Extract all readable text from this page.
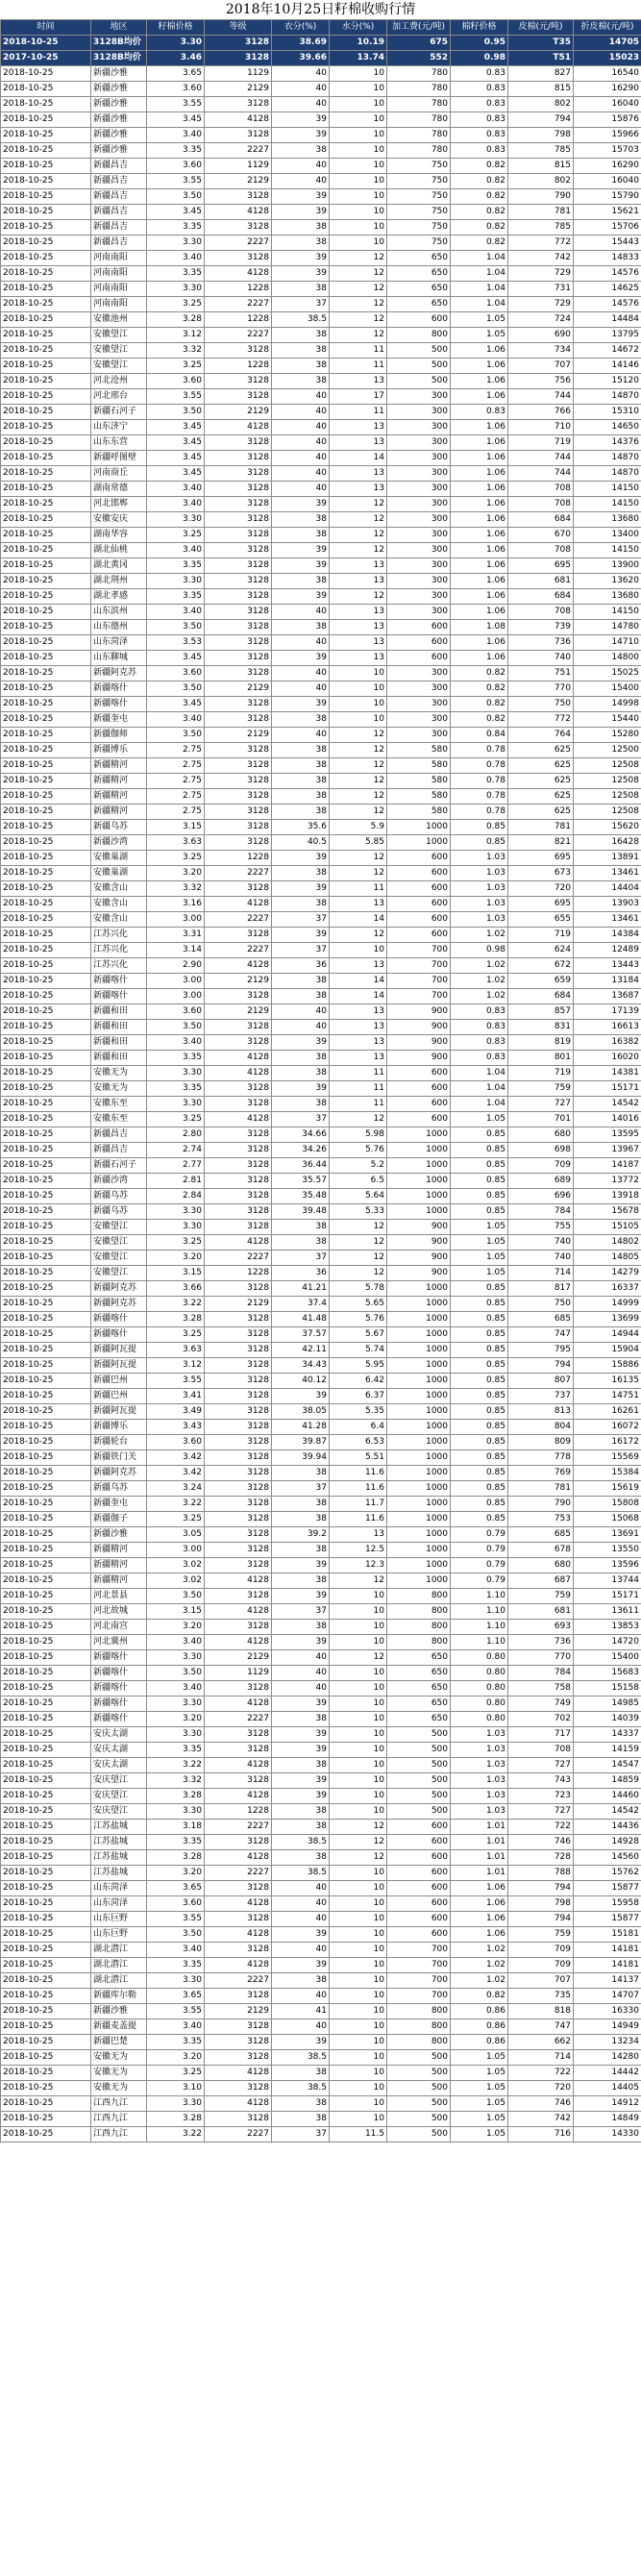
2018年10月25日籽棉收购行情
时间	地区	籽棉价格	等级	衣分(%)	水分(%)	加工费(元/吨)	棉籽价格	皮棉(元/吨)	折皮棉(元/吨)
2018-10-25	3128B均价	3.30	3128	38.69	10.19	675	0.95	T35	14705
2017-10-25	3128B均价	3.46	3128	39.66	13.74	552	0.98	T51	15023
2018-10-25	新疆沙雅	3.65	1129	40	10	780	0.83	827	16540
2018-10-25	新疆沙雅	3.60	2129	40	10	780	0.83	815	16290
2018-10-25	新疆沙雅	3.55	3128	40	10	780	0.83	802	16040
2018-10-25	新疆沙雅	3.45	4128	39	10	780	0.83	794	15876
2018-10-25	新疆沙雅	3.40	3128	39	10	780	0.83	798	15966
2018-10-25	新疆沙雅	3.35	2227	38	10	780	0.83	785	15703
2018-10-25	新疆昌吉	3.60	1129	40	10	750	0.82	815	16290
2018-10-25	新疆昌吉	3.55	2129	40	10	750	0.82	802	16040
2018-10-25	新疆昌吉	3.50	3128	39	10	750	0.82	790	15790
2018-10-25	新疆昌吉	3.45	4128	39	10	750	0.82	781	15621
2018-10-25	新疆昌吉	3.35	3128	38	10	750	0.82	785	15706
2018-10-25	新疆昌吉	3.30	2227	38	10	750	0.82	772	15443
2018-10-25	河南南阳	3.40	3128	39	12	650	1.04	742	14833
2018-10-25	河南南阳	3.35	4128	39	12	650	1.04	729	14576
2018-10-25	河南南阳	3.30	1228	38	12	650	1.04	731	14625
2018-10-25	河南南阳	3.25	2227	37	12	650	1.04	729	14576
2018-10-25	安徽池州	3.28	1228	38.5	12	600	1.05	724	14484
2018-10-25	安徽望江	3.12	2227	38	12	800	1.05	690	13795
2018-10-25	安徽望江	3.32	3128	38	11	500	1.06	734	14672
2018-10-25	安徽望江	3.25	1228	38	11	500	1.06	707	14146
2018-10-25	河北沧州	3.60	3128	38	13	500	1.06	756	15120
2018-10-25	河北邢台	3.55	3128	40	17	300	1.06	744	14870
2018-10-25	新疆石河子	3.50	2129	40	11	300	0.83	766	15310
2018-10-25	山东济宁	3.45	4128	40	13	300	1.06	710	14650
2018-10-25	山东东营	3.45	3128	40	13	300	1.06	719	14376
2018-10-25	新疆呼图壁	3.45	3128	40	14	300	1.06	744	14870
2018-10-25	河南商丘	3.45	3128	40	13	300	1.06	744	14870
2018-10-25	湖南常德	3.40	3128	40	13	300	1.06	708	14150
2018-10-25	河北邯郸	3.40	3128	39	12	300	1.06	708	14150
2018-10-25	安徽安庆	3.30	3128	38	12	300	1.06	684	13680
2018-10-25	湖南华容	3.25	3128	38	12	300	1.06	670	13400
2018-10-25	湖北仙桃	3.40	3128	39	12	300	1.06	708	14150
2018-10-25	湖北黄冈	3.35	3128	39	13	300	1.06	695	13900
2018-10-25	湖北荆州	3.30	3128	38	13	300	1.06	681	13620
2018-10-25	湖北孝感	3.35	3128	39	12	300	1.06	684	13680
2018-10-25	山东滨州	3.40	3128	40	13	300	1.06	708	14150
2018-10-25	山东德州	3.50	3128	38	13	600	1.08	739	14780
2018-10-25	山东菏泽	3.53	3128	40	13	600	1.06	736	14710
2018-10-25	山东聊城	3.45	3128	39	13	600	1.06	740	14800
2018-10-25	新疆阿克苏	3.60	3128	40	10	300	0.82	751	15025
2018-10-25	新疆喀什	3.50	2129	40	10	300	0.82	770	15400
2018-10-25	新疆喀什	3.45	3128	39	10	300	0.82	750	14998
2018-10-25	新疆奎屯	3.40	3128	38	10	300	0.82	772	15440
2018-10-25	新疆伽师	3.50	2129	40	12	300	0.84	764	15280
2018-10-25	新疆博乐	2.75	3128	38	12	580	0.78	625	12500
2018-10-25	新疆精河	2.75	3128	38	12	580	0.78	625	12508
2018-10-25	新疆精河	2.75	3128	38	12	580	0.78	625	12508
2018-10-25	新疆精河	2.75	3128	38	12	580	0.78	625	12508
2018-10-25	新疆精河	2.75	3128	38	12	580	0.78	625	12508
2018-10-25	新疆乌苏	3.15	3128	35.6	5.9	1000	0.85	781	15620
2018-10-25	新疆沙湾	3.63	3128	40.5	5.85	1000	0.85	821	16428
2018-10-25	安徽巢湖	3.25	1228	39	12	600	1.03	695	13891
2018-10-25	安徽巢湖	3.20	2227	38	12	600	1.03	673	13461
2018-10-25	安徽含山	3.32	3128	39	11	600	1.03	720	14404
2018-10-25	安徽含山	3.16	4128	38	13	600	1.03	695	13903
2018-10-25	安徽含山	3.00	2227	37	14	600	1.03	655	13461
2018-10-25	江苏兴化	3.31	3128	39	12	600	1.02	719	14384
2018-10-25	江苏兴化	3.14	2227	37	10	700	0.98	624	12489
2018-10-25	江苏兴化	2.90	4128	36	13	700	1.02	672	13443
2018-10-25	新疆喀什	3.00	2129	38	14	700	1.02	659	13184
2018-10-25	新疆喀什	3.00	3128	38	14	700	1.02	684	13687
2018-10-25	新疆和田	3.60	2129	40	13	900	0.83	857	17139
2018-10-25	新疆和田	3.50	3128	40	13	900	0.83	831	16613
2018-10-25	新疆和田	3.40	3128	39	13	900	0.83	819	16382
2018-10-25	新疆和田	3.35	4128	38	13	900	0.83	801	16020
2018-10-25	安徽无为	3.30	4128	38	11	600	1.04	719	14381
2018-10-25	安徽无为	3.35	3128	39	11	600	1.04	759	15171
2018-10-25	安徽东至	3.30	3128	38	11	600	1.04	727	14542
2018-10-25	安徽东至	3.25	4128	37	12	600	1.05	701	14016
2018-10-25	新疆昌吉	2.80	3128	34.66	5.98	1000	0.85	680	13595
2018-10-25	新疆昌吉	2.74	3128	34.26	5.76	1000	0.85	698	13967
2018-10-25	新疆石河子	2.77	3128	36.44	5.2	1000	0.85	709	14187
2018-10-25	新疆沙湾	2.81	3128	35.57	6.5	1000	0.85	689	13772
2018-10-25	新疆乌苏	2.84	3128	35.48	5.64	1000	0.85	696	13918
2018-10-25	新疆乌苏	3.30	3128	39.48	5.33	1000	0.85	784	15678
2018-10-25	安徽望江	3.30	3128	38	12	900	1.05	755	15105
2018-10-25	安徽望江	3.25	4128	38	12	900	1.05	740	14802
2018-10-25	安徽望江	3.20	2227	37	12	900	1.05	740	14805
2018-10-25	安徽望江	3.15	1228	36	12	900	1.05	714	14279
2018-10-25	新疆阿克苏	3.66	3128	41.21	5.78	1000	0.85	817	16337
2018-10-25	新疆阿克苏	3.22	2129	37.4	5.65	1000	0.85	750	14999
2018-10-25	新疆喀什	3.28	3128	41.48	5.76	1000	0.85	685	13699
2018-10-25	新疆喀什	3.25	3128	37.57	5.67	1000	0.85	747	14944
2018-10-25	新疆阿瓦提	3.63	3128	42.11	5.74	1000	0.85	795	15904
2018-10-25	新疆阿瓦提	3.12	3128	34.43	5.95	1000	0.85	794	15886
2018-10-25	新疆巴州	3.55	3128	40.12	6.42	1000	0.85	807	16135
2018-10-25	新疆巴州	3.41	3128	39	6.37	1000	0.85	737	14751
2018-10-25	新疆阿瓦提	3.49	3128	38.05	5.35	1000	0.85	813	16261
2018-10-25	新疆博乐	3.43	3128	41.28	6.4	1000	0.85	804	16072
2018-10-25	新疆轮台	3.60	3128	39.87	6.53	1000	0.85	809	16172
2018-10-25	新疆铁门关	3.42	3128	39.94	5.51	1000	0.85	778	15569
2018-10-25	新疆阿克苏	3.42	3128	38	11.6	1000	0.85	769	15384
2018-10-25	新疆乌苏	3.24	3128	37	11.6	1000	0.85	781	15619
2018-10-25	新疆奎屯	3.22	3128	38	11.7	1000	0.85	790	15808
2018-10-25	新疆伽子	3.25	3128	38	11.6	1000	0.85	753	15068
2018-10-25	新疆沙雅	3.05	3128	39.2	13	1000	0.79	685	13691
2018-10-25	新疆精河	3.00	3128	38	12.5	1000	0.79	678	13550
2018-10-25	新疆精河	3.02	3128	39	12.3	1000	0.79	680	13596
2018-10-25	新疆精河	3.02	4128	38	12	1000	0.79	687	13744
2018-10-25	河北景县	3.50	3128	39	10	800	1.10	759	15171
2018-10-25	河北故城	3.15	4128	37	10	800	1.10	681	13611
2018-10-25	河北南宫	3.20	3128	38	10	800	1.10	693	13853
2018-10-25	河北冀州	3.40	4128	39	10	800	1.10	736	14720
2018-10-25	新疆喀什	3.30	2129	40	12	650	0.80	770	15400
2018-10-25	新疆喀什	3.50	1129	40	10	650	0.80	784	15683
2018-10-25	新疆喀什	3.40	3128	40	10	650	0.80	758	15158
2018-10-25	新疆喀什	3.30	4128	39	10	650	0.80	749	14985
2018-10-25	新疆喀什	3.20	2227	38	10	650	0.80	702	14039
2018-10-25	安庆太湖	3.30	3128	39	10	500	1.03	717	14337
2018-10-25	安庆太湖	3.35	3128	39	10	500	1.03	708	14159
2018-10-25	安庆太湖	3.22	4128	38	10	500	1.03	727	14547
2018-10-25	安庆望江	3.32	3128	39	10	500	1.03	743	14859
2018-10-25	安庆望江	3.28	4128	39	10	500	1.03	723	14460
2018-10-25	安庆望江	3.30	1228	38	10	500	1.03	727	14542
2018-10-25	江苏盐城	3.18	2227	38	12	600	1.01	722	14436
2018-10-25	江苏盐城	3.35	3128	38.5	12	600	1.01	746	14928
2018-10-25	江苏盐城	3.28	4128	38	12	600	1.01	728	14560
2018-10-25	江苏盐城	3.20	2227	38.5	10	600	1.01	788	15762
2018-10-25	山东菏泽	3.65	3128	40	10	600	1.06	794	15877
2018-10-25	山东菏泽	3.60	4128	40	10	600	1.06	798	15958
2018-10-25	山东巨野	3.55	3128	40	10	600	1.06	794	15877
2018-10-25	山东巨野	3.50	4128	39	10	600	1.06	759	15181
2018-10-25	湖北潜江	3.40	3128	40	10	700	1.02	709	14181
2018-10-25	湖北潜江	3.35	4128	39	10	700	1.02	709	14181
2018-10-25	湖北潜江	3.30	2227	38	10	700	1.02	707	14137
2018-10-25	新疆库尔勒	3.65	3128	40	10	700	0.82	735	14707
2018-10-25	新疆沙雅	3.55	2129	41	10	800	0.86	818	16330
2018-10-25	新疆麦盖提	3.40	3128	40	10	800	0.86	747	14949
2018-10-25	新疆巴楚	3.35	3128	39	10	800	0.86	662	13234
2018-10-25	安徽无为	3.20	3128	38.5	10	500	1.05	714	14280
2018-10-25	安徽无为	3.25	4128	38	10	500	1.05	722	14442
2018-10-25	安徽无为	3.10	3128	38.5	10	500	1.05	720	14405
2018-10-25	江西九江	3.30	4128	38	10	500	1.05	746	14912
2018-10-25	江西九江	3.28	3128	38	10	500	1.05	742	14849
2018-10-25	江西九江	3.22	2227	37	11.5	500	1.05	716	14330
